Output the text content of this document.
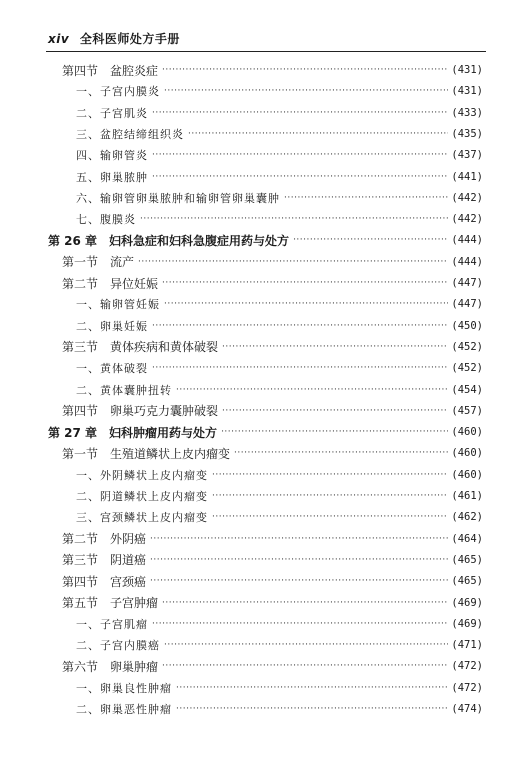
xiv 全科医师处方手册
第四节　盆腔炎症 ·····	(431)
一、子宫内膜炎 ·····	(431)
二、子宫肌炎 ·····	(433)
三、盆腔结缔组织炎 ·····	(435)
四、输卵管炎 ·····	(437)
五、卵巢脓肿 ·····	(441)
六、输卵管卵巢脓肿和输卵管卵巢囊肿 ·····	(442)
七、腹膜炎 ·····	(442)
第 26 章　妇科急症和妇科急腹症用药与处方 ·····	(444)
第一节　流产 ·····	(444)
第二节　异位妊娠 ·····	(447)
一、输卵管妊娠 ·····	(447)
二、卵巢妊娠 ·····	(450)
第三节　黄体疾病和黄体破裂 ·····	(452)
一、黄体破裂 ·····	(452)
二、黄体囊肿扭转 ·····	(454)
第四节　卵巢巧克力囊肿破裂 ·····	(457)
第 27 章　妇科肿瘤用药与处方 ·····	(460)
第一节　生殖道鳞状上皮内瘤变 ·····	(460)
一、外阴鳞状上皮内瘤变 ·····	(460)
二、阴道鳞状上皮内瘤变 ·····	(461)
三、宫颈鳞状上皮内瘤变 ·····	(462)
第二节　外阴癌 ·····	(464)
第三节　阴道癌 ·····	(465)
第四节　宫颈癌 ·····	(465)
第五节　子宫肿瘤 ·····	(469)
一、子宫肌瘤 ·····	(469)
二、子宫内膜癌 ·····	(471)
第六节　卵巢肿瘤 ·····	(472)
一、卵巢良性肿瘤 ·····	(472)
二、卵巢恶性肿瘤 ·····	(474)
